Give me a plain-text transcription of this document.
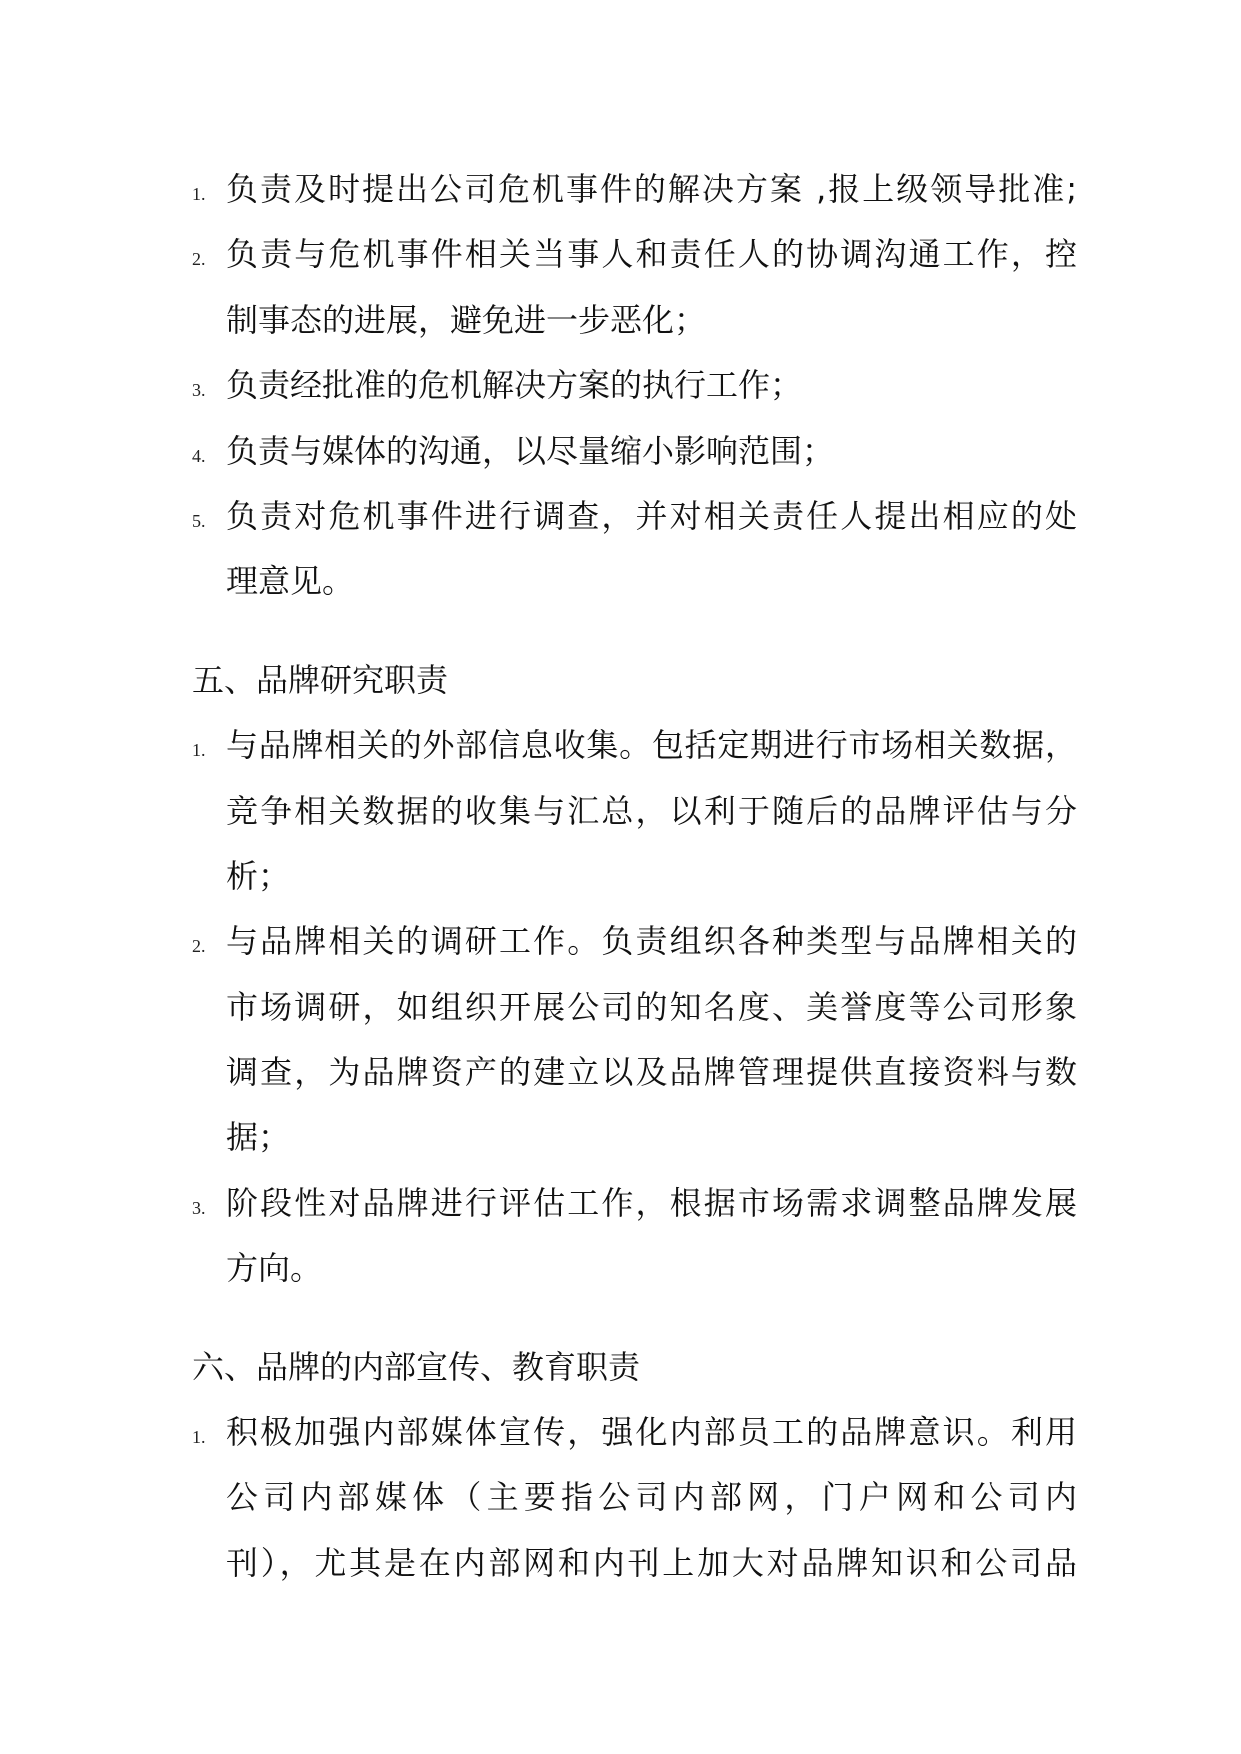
1. 负责及时提出公司危机事件的解决方案 ,报上级领导批准;
2. 负责与危机事件相关当事人和责任人的协调沟通工作，控
制事态的进展，避免进一步恶化；
3. 负责经批准的危机解决方案的执行工作；
4. 负责与媒体的沟通，以尽量缩小影响范围；
5. 负责对危机事件进行调查，并对相关责任人提出相应的处
理意见。
五、品牌研究职责
1. 与品牌相关的外部信息收集。包括定期进行市场相关数据，
竞争相关数据的收集与汇总，以利于随后的品牌评估与分
析；
2. 与品牌相关的调研工作。负责组织各种类型与品牌相关的
市场调研，如组织开展公司的知名度、美誉度等公司形象
调查，为品牌资产的建立以及品牌管理提供直接资料与数
据；
3. 阶段性对品牌进行评估工作，根据市场需求调整品牌发展
方向。
六、品牌的内部宣传、教育职责
1. 积极加强内部媒体宣传，强化内部员工的品牌意识。利用
公司内部媒体（主要指公司内部网，门户网和公司内
刊），尤其是在内部网和内刊上加大对品牌知识和公司品
